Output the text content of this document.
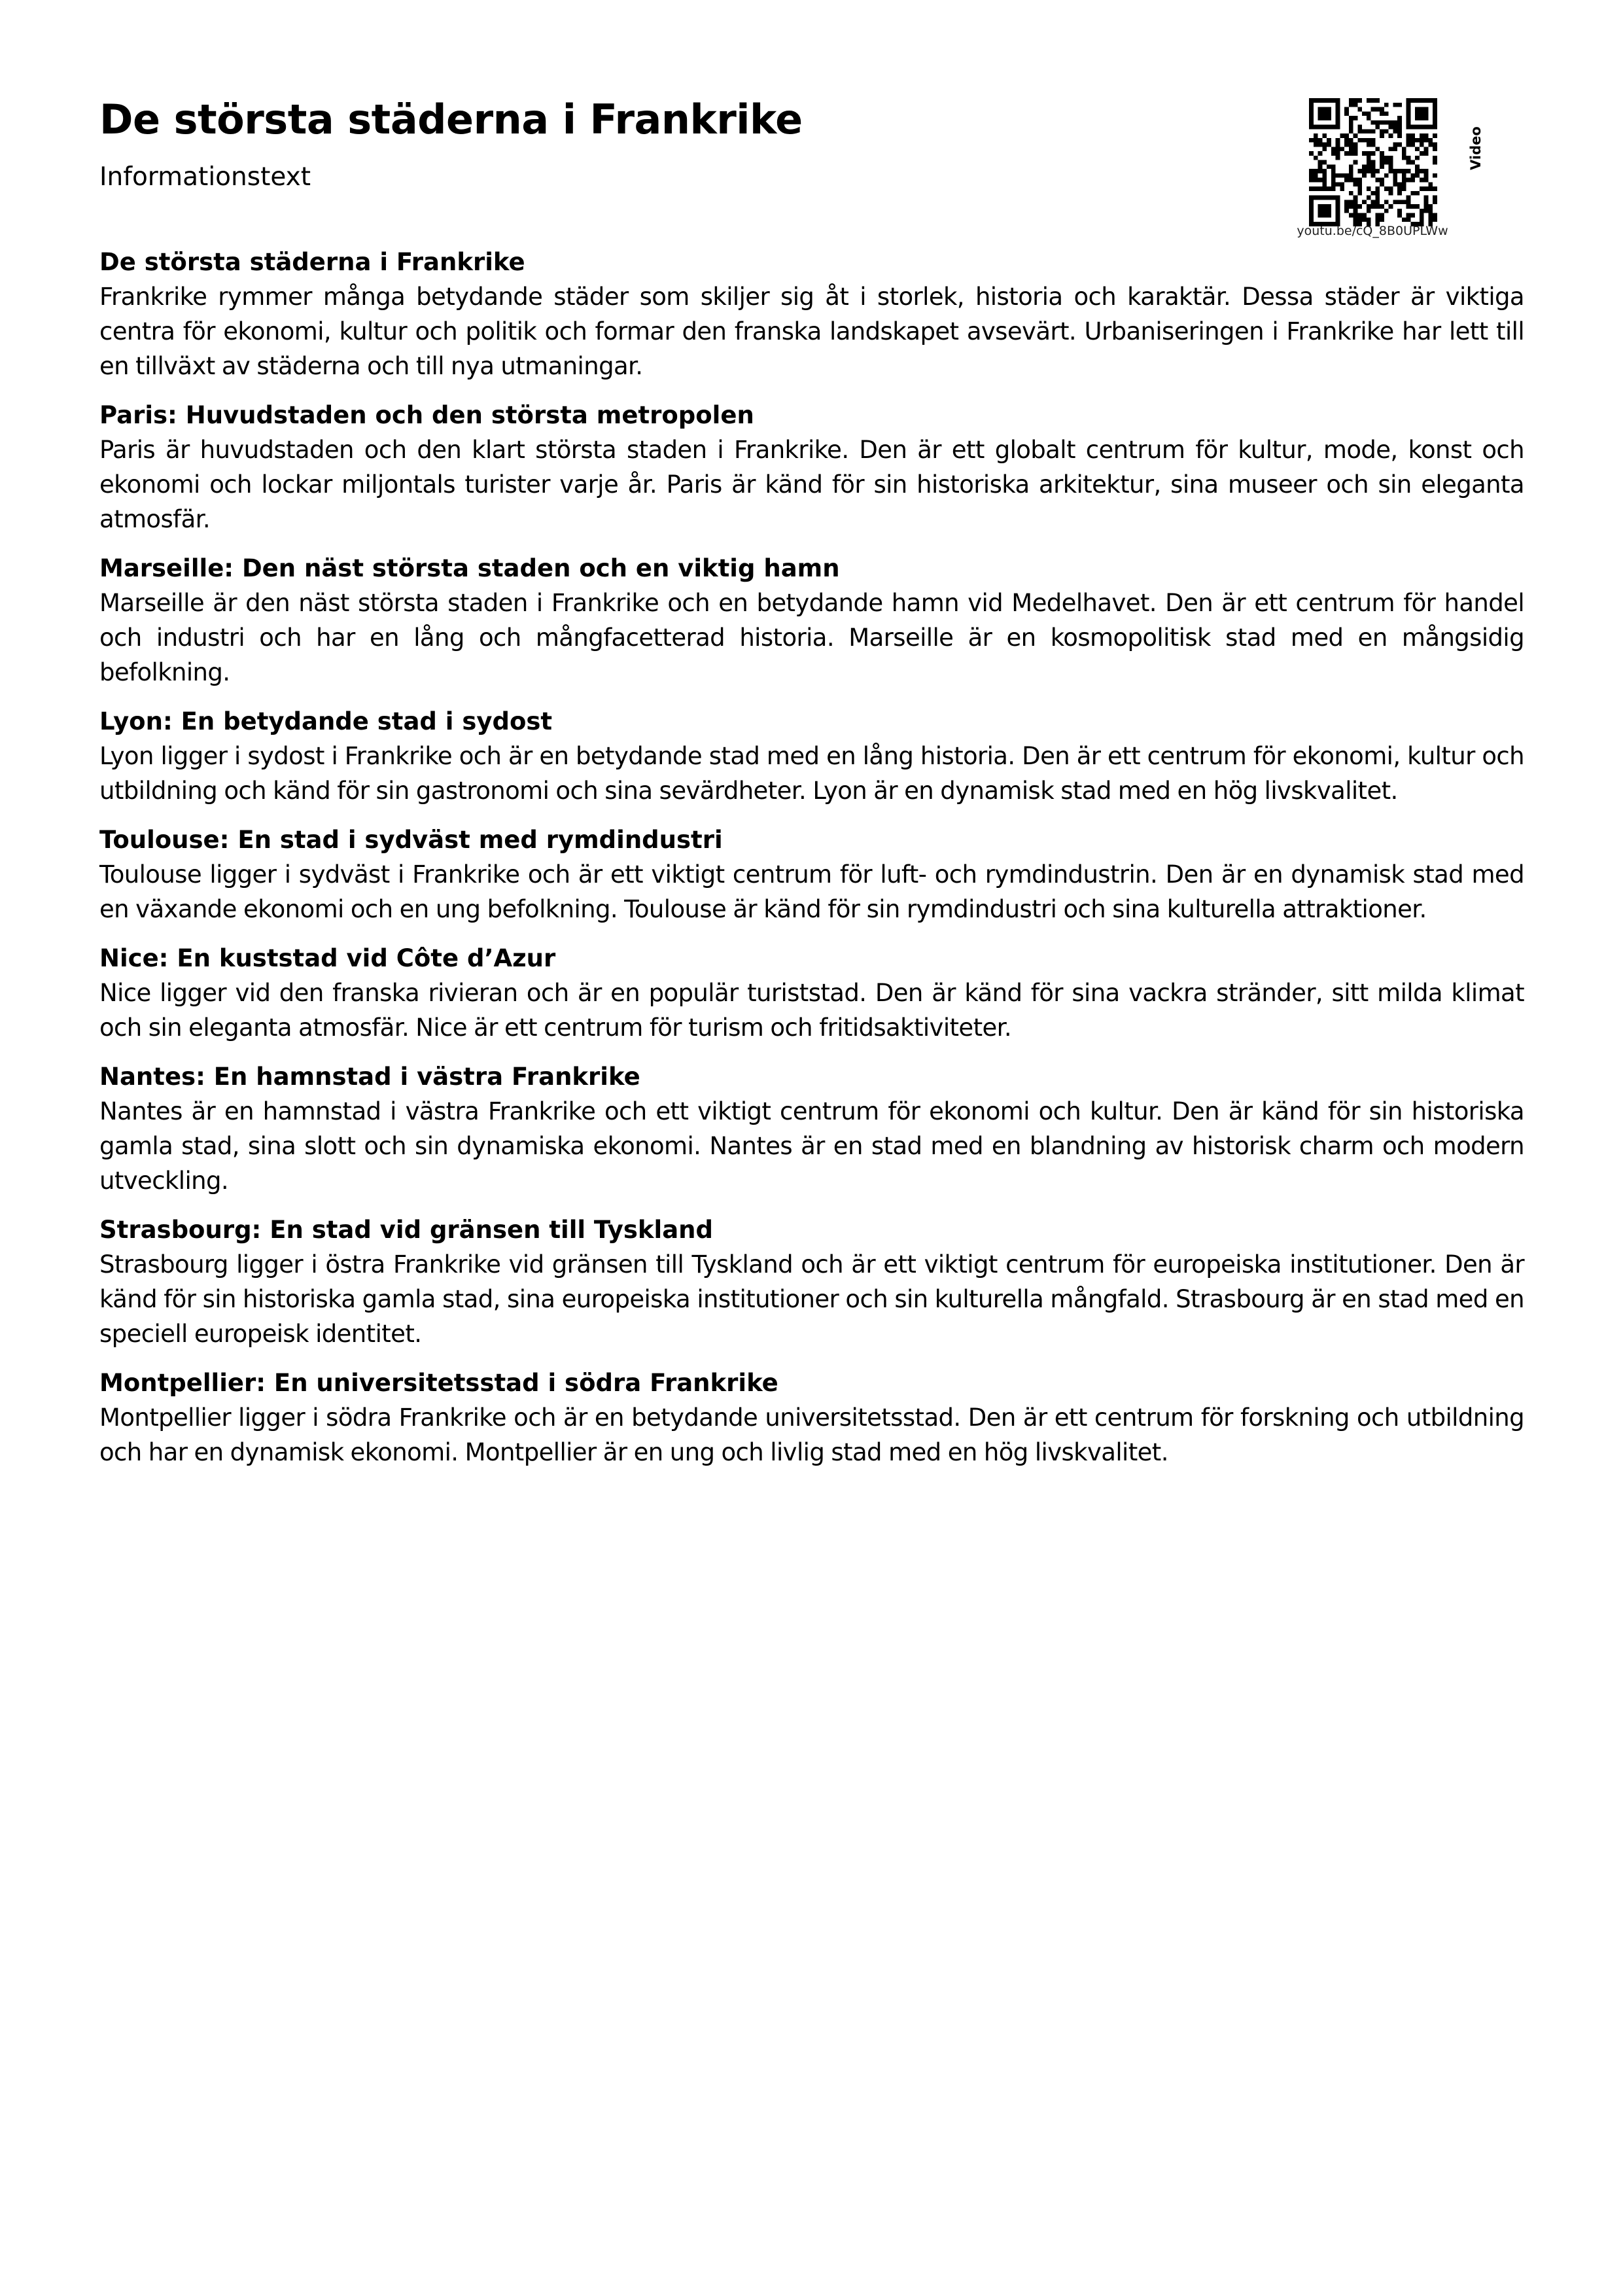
De största städerna i Frankrike

Informationstext

youtu.be/cQ_8B0UPLWw
Video
De största städerna i Frankrike

Frankrike rymmer många betydande städer som skiljer sig åt i storlek, historia och karaktär. Dessa städer är viktiga centra för ekonomi, kultur och politik och formar den franska landskapet avsevärt. Urbaniseringen i Frankrike har lett till en tillväxt av städerna och till nya utmaningar.

Paris: Huvudstaden och den största metropolen

Paris är huvudstaden och den klart största staden i Frankrike. Den är ett globalt centrum för kultur, mode, konst och ekonomi och lockar miljontals turister varje år. Paris är känd för sin historiska arkitektur, sina museer och sin eleganta atmosfär.

Marseille: Den näst största staden och en viktig hamn

Marseille är den näst största staden i Frankrike och en betydande hamn vid Medelhavet. Den är ett centrum för handel och industri och har en lång och mångfacetterad historia. Marseille är en kosmopolitisk stad med en mångsidig befolkning.

Lyon: En betydande stad i sydost

Lyon ligger i sydost i Frankrike och är en betydande stad med en lång historia. Den är ett centrum för ekonomi, kultur och utbildning och känd för sin gastronomi och sina sevärdheter. Lyon är en dynamisk stad med en hög livskvalitet.

Toulouse: En stad i sydväst med rymdindustri

Toulouse ligger i sydväst i Frankrike och är ett viktigt centrum för luft- och rymdindustrin. Den är en dynamisk stad med en växande ekonomi och en ung befolkning. Toulouse är känd för sin rymdindustri och sina kulturella attraktioner.

Nice: En kuststad vid Côte d’Azur

Nice ligger vid den franska rivieran och är en populär turiststad. Den är känd för sina vackra stränder, sitt milda klimat och sin eleganta atmosfär. Nice är ett centrum för turism och fritidsaktiviteter.

Nantes: En hamnstad i västra Frankrike

Nantes är en hamnstad i västra Frankrike och ett viktigt centrum för ekonomi och kultur. Den är känd för sin historiska gamla stad, sina slott och sin dynamiska ekonomi. Nantes är en stad med en blandning av historisk charm och modern utveckling.

Strasbourg: En stad vid gränsen till Tyskland

Strasbourg ligger i östra Frankrike vid gränsen till Tyskland och är ett viktigt centrum för europeiska institutioner. Den är känd för sin historiska gamla stad, sina europeiska institutioner och sin kulturella mångfald. Strasbourg är en stad med en speciell europeisk identitet.

Montpellier: En universitetsstad i södra Frankrike

Montpellier ligger i södra Frankrike och är en betydande universitetsstad. Den är ett centrum för forskning och utbildning och har en dynamisk ekonomi. Montpellier är en ung och livlig stad med en hög livskvalitet.
